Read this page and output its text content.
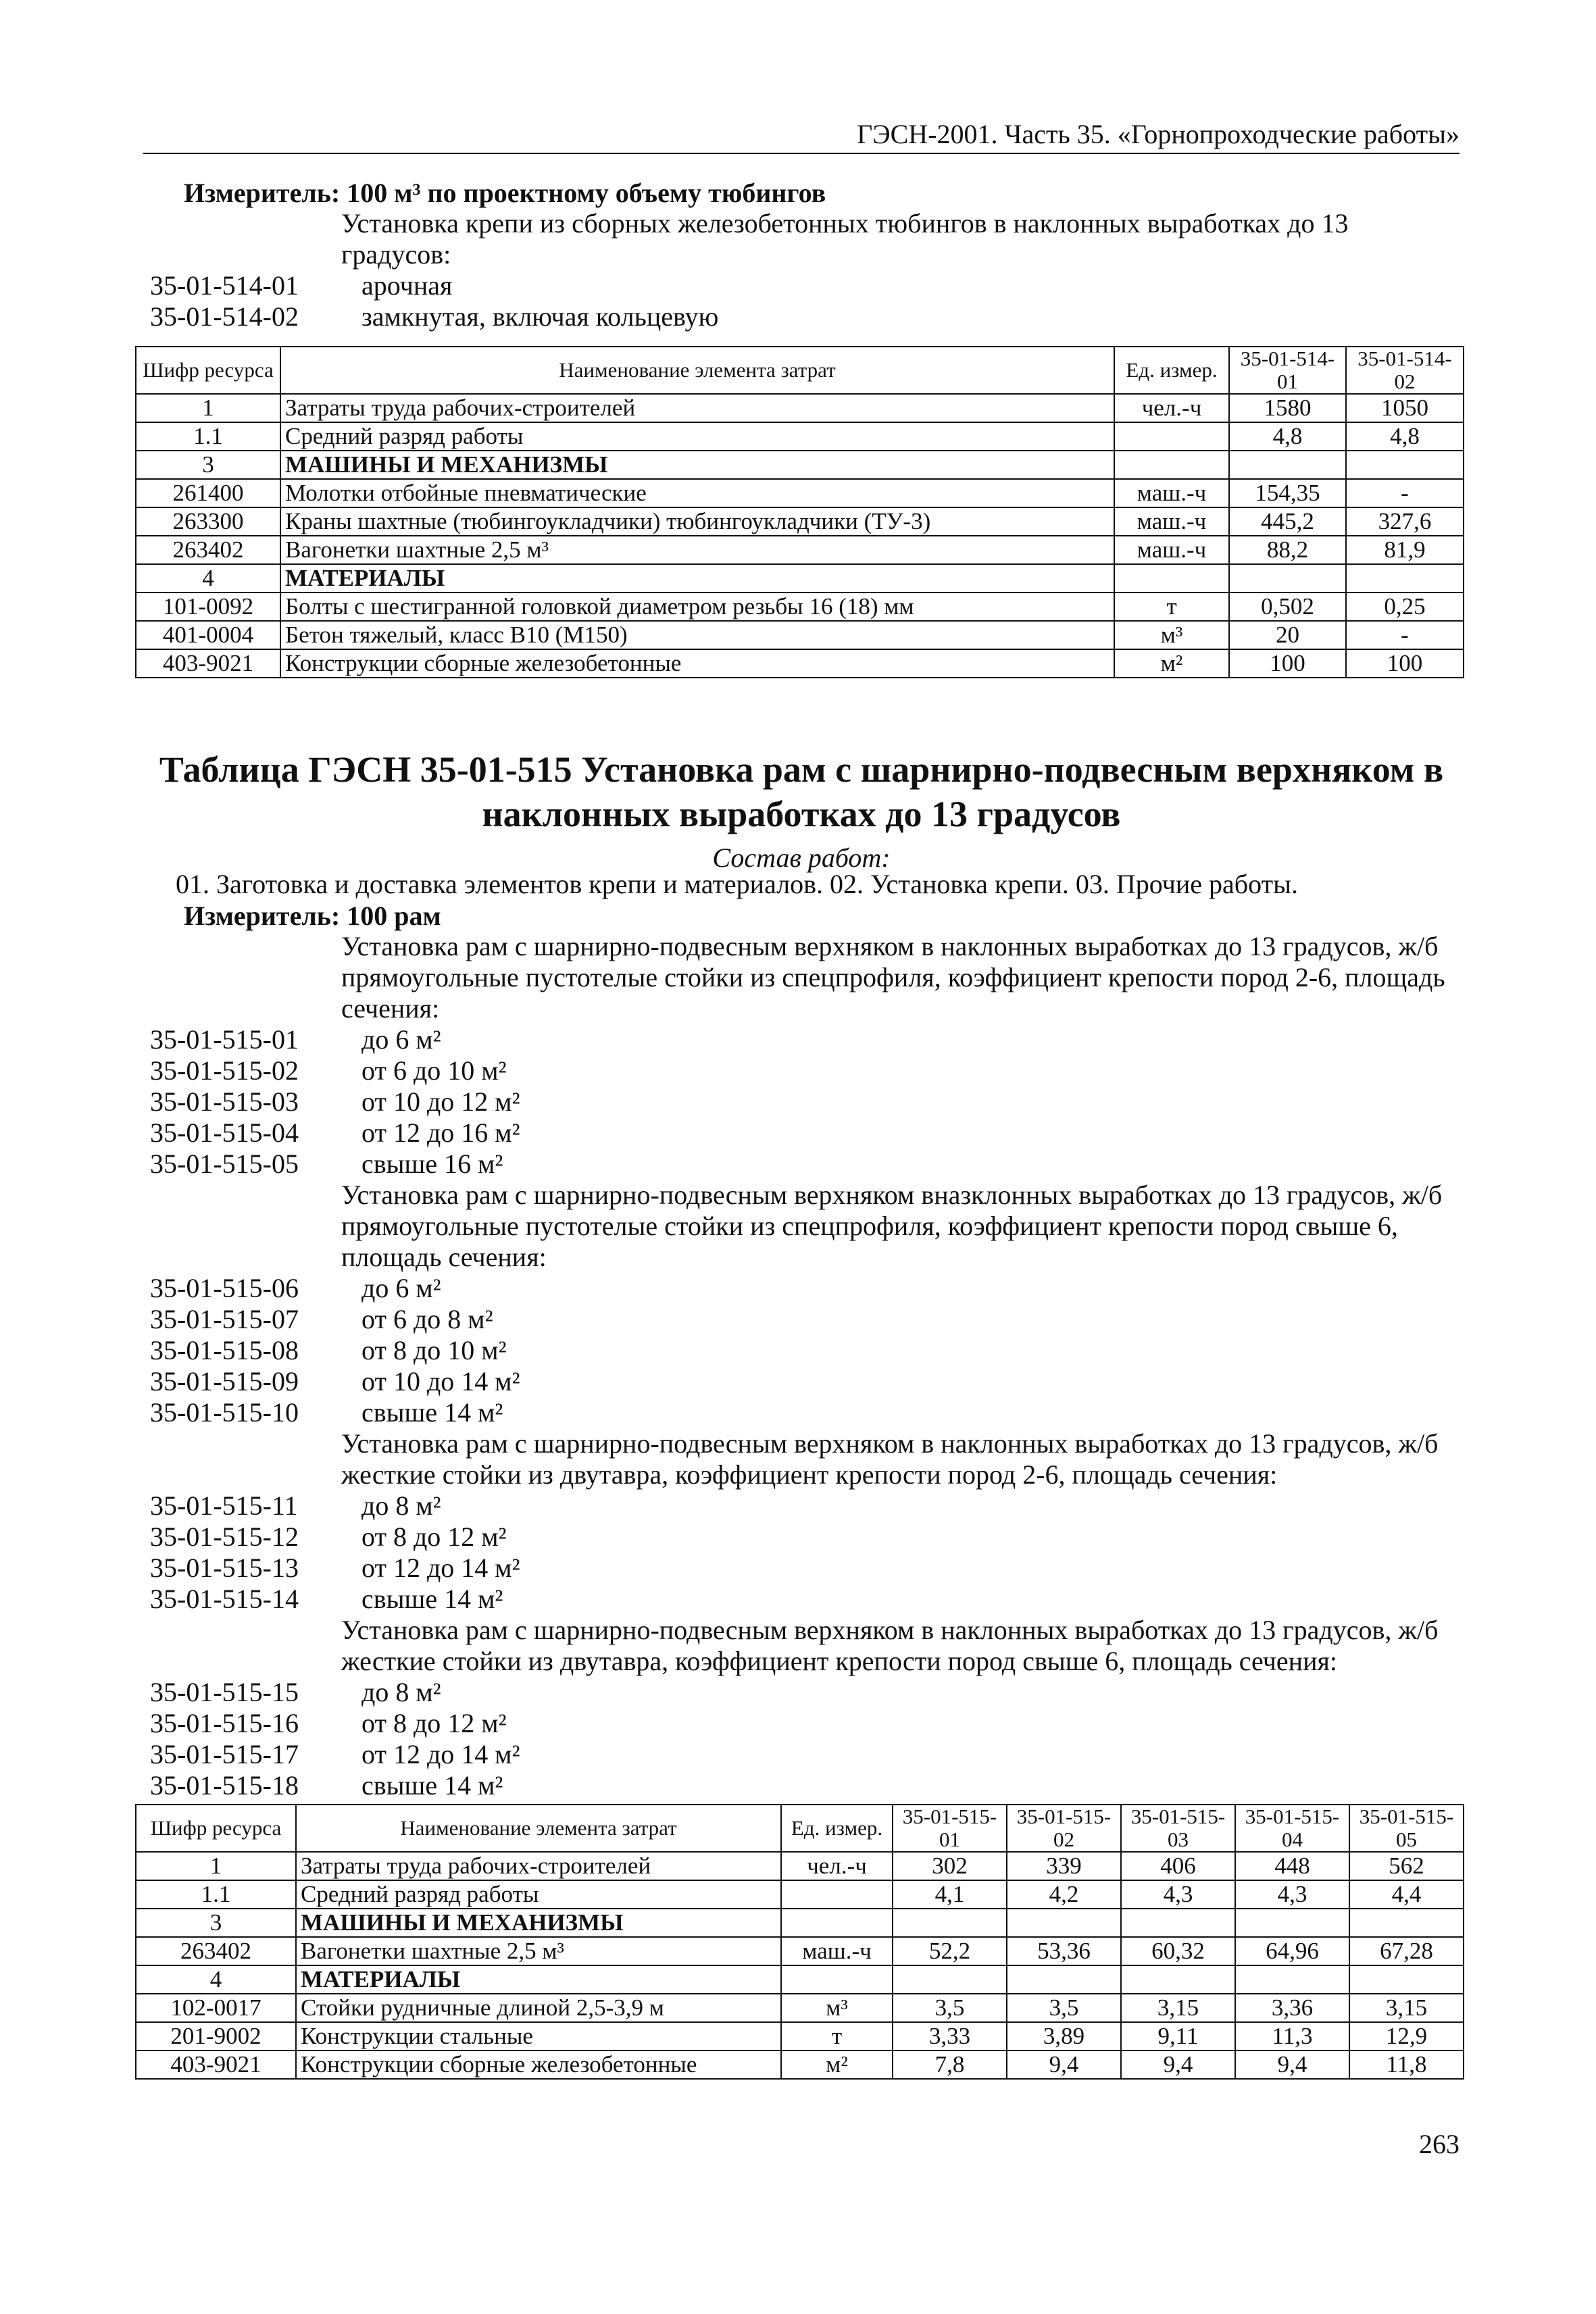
ГЭСН-2001. Часть 35. «Горнопроходческие работы»
Измеритель: 100 м³ по проектному объему тюбингов
Установка крепи из сборных железобетонных тюбингов в наклонных выработках до 13
градусов:
35-01-514-01 арочная
35-01-514-02 замкнутая, включая кольцевую
Шифр ресурса	Наименование элемента затрат	Ед. измер.	35-01-514-01	35-01-514-02
1	Затраты труда рабочих-строителей	чел.-ч	1580	1050
1.1	Средний разряд работы		4,8	4,8
3	МАШИНЫ И МЕХАНИЗМЫ			
261400	Молотки отбойные пневматические	маш.-ч	154,35	-
263300	Краны шахтные (тюбингоукладчики) тюбингоукладчики (ТУ-3)	маш.-ч	445,2	327,6
263402	Вагонетки шахтные 2,5 м³	маш.-ч	88,2	81,9
4	МАТЕРИАЛЫ			
101-0092	Болты с шестигранной головкой диаметром резьбы 16 (18) мм	т	0,502	0,25
401-0004	Бетон тяжелый, класс В10 (М150)	м³	20	-
403-9021	Конструкции сборные железобетонные	м²	100	100
Таблица ГЭСН 35-01-515 Установка рам с шарнирно-подвесным верхняком в
наклонных выработках до 13 градусов
Состав работ:
01. Заготовка и доставка элементов крепи и материалов. 02. Установка крепи. 03. Прочие работы.
Измеритель: 100 рам
Установка рам с шарнирно-подвесным верхняком в наклонных выработках до 13 градусов, ж/б
прямоугольные пустотелые стойки из спецпрофиля, коэффициент крепости пород 2-6, площадь
сечения:
35-01-515-01 до 6 м²
35-01-515-02 от 6 до 10 м²
35-01-515-03 от 10 до 12 м²
35-01-515-04 от 12 до 16 м²
35-01-515-05 свыше 16 м²
Установка рам с шарнирно-подвесным верхняком вназклонных выработках до 13 градусов, ж/б
прямоугольные пустотелые стойки из спецпрофиля, коэффициент крепости пород свыше 6,
площадь сечения:
35-01-515-06 до 6 м²
35-01-515-07 от 6 до 8 м²
35-01-515-08 от 8 до 10 м²
35-01-515-09 от 10 до 14 м²
35-01-515-10 свыше 14 м²
Установка рам с шарнирно-подвесным верхняком в наклонных выработках до 13 градусов, ж/б
жесткие стойки из двутавра, коэффициент крепости пород 2-6, площадь сечения:
35-01-515-11 до 8 м²
35-01-515-12 от 8 до 12 м²
35-01-515-13 от 12 до 14 м²
35-01-515-14 свыше 14 м²
Установка рам с шарнирно-подвесным верхняком в наклонных выработках до 13 градусов, ж/б
жесткие стойки из двутавра, коэффициент крепости пород свыше 6, площадь сечения:
35-01-515-15 до 8 м²
35-01-515-16 от 8 до 12 м²
35-01-515-17 от 12 до 14 м²
35-01-515-18 свыше 14 м²
Шифр ресурса	Наименование элемента затрат	Ед. измер.	35-01-515-01	35-01-515-02	35-01-515-03	35-01-515-04	35-01-515-05
1	Затраты труда рабочих-строителей	чел.-ч	302	339	406	448	562
1.1	Средний разряд работы		4,1	4,2	4,3	4,3	4,4
3	МАШИНЫ И МЕХАНИЗМЫ						
263402	Вагонетки шахтные 2,5 м³	маш.-ч	52,2	53,36	60,32	64,96	67,28
4	МАТЕРИАЛЫ						
102-0017	Стойки рудничные длиной 2,5-3,9 м	м³	3,5	3,5	3,15	3,36	3,15
201-9002	Конструкции стальные	т	3,33	3,89	9,11	11,3	12,9
403-9021	Конструкции сборные железобетонные	м²	7,8	9,4	9,4	9,4	11,8
263
